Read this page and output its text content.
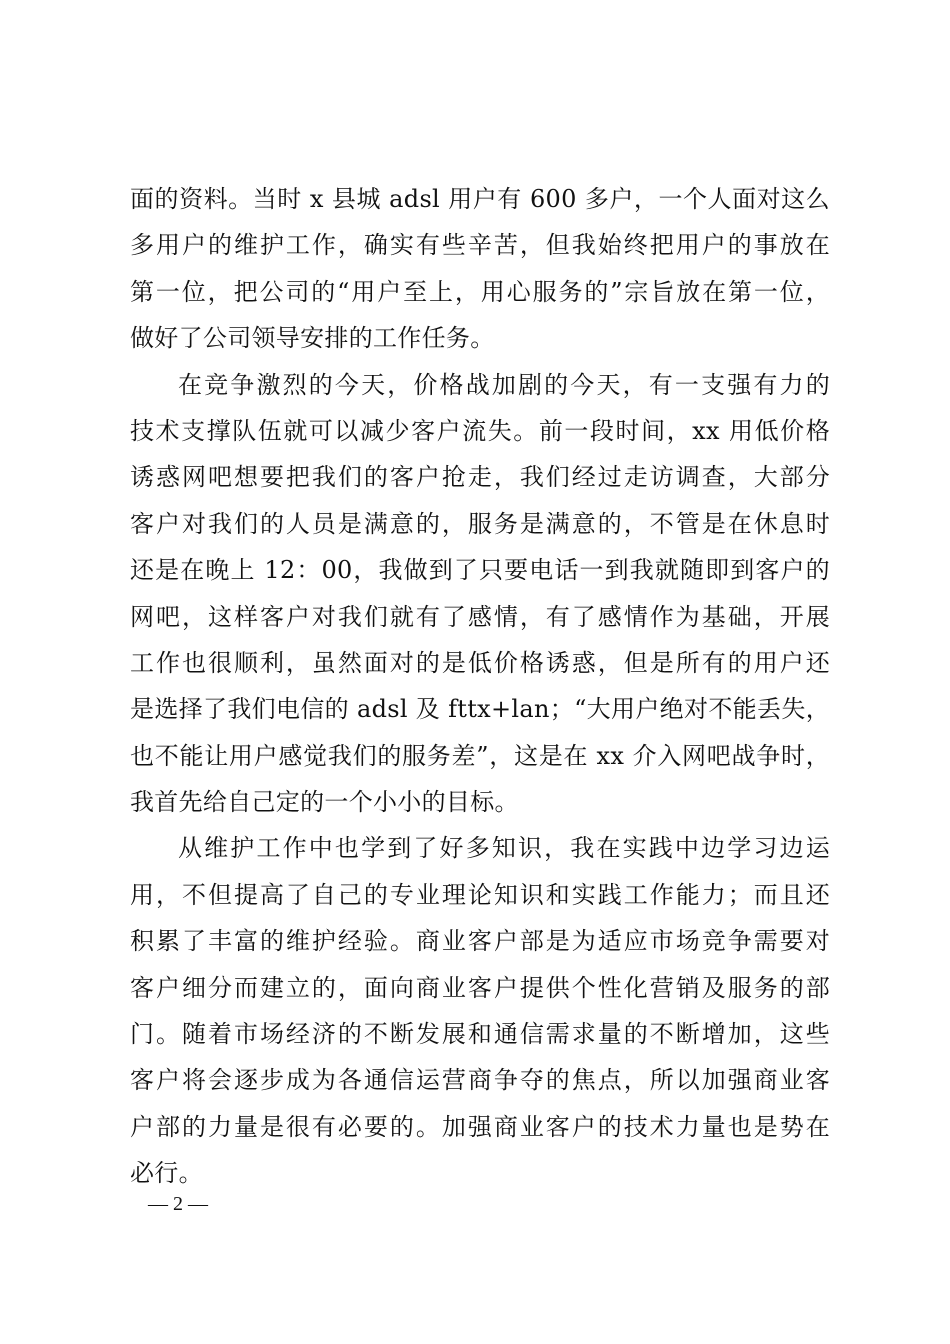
面的资料。当时 x 县城 adsl 用户有 600 多户，一个人面对这么
多用户的维护工作，确实有些辛苦，但我始终把用户的事放在
第一位，把公司的“用户至上，用心服务的”宗旨放在第一位，
做好了公司领导安排的工作任务。

在竞争激烈的今天，价格战加剧的今天，有一支强有力的
技术支撑队伍就可以减少客户流失。前一段时间，xx 用低价格
诱惑网吧想要把我们的客户抢走，我们经过走访调查，大部分
客户对我们的人员是满意的，服务是满意的，不管是在休息时
还是在晚上 12：00，我做到了只要电话一到我就随即到客户的
网吧，这样客户对我们就有了感情，有了感情作为基础，开展
工作也很顺利，虽然面对的是低价格诱惑，但是所有的用户还
是选择了我们电信的 adsl 及 fttx+lan；“大用户绝对不能丢失，
也不能让用户感觉我们的服务差”，这是在 xx 介入网吧战争时，
我首先给自己定的一个小小的目标。

从维护工作中也学到了好多知识，我在实践中边学习边运
用，不但提高了自己的专业理论知识和实践工作能力；而且还
积累了丰富的维护经验。商业客户部是为适应市场竞争需要对
客户细分而建立的，面向商业客户提供个性化营销及服务的部
门。随着市场经济的不断发展和通信需求量的不断增加，这些
客户将会逐步成为各通信运营商争夺的焦点，所以加强商业客
户部的力量是很有必要的。加强商业客户的技术力量也是势在
必行。

— 2 —
